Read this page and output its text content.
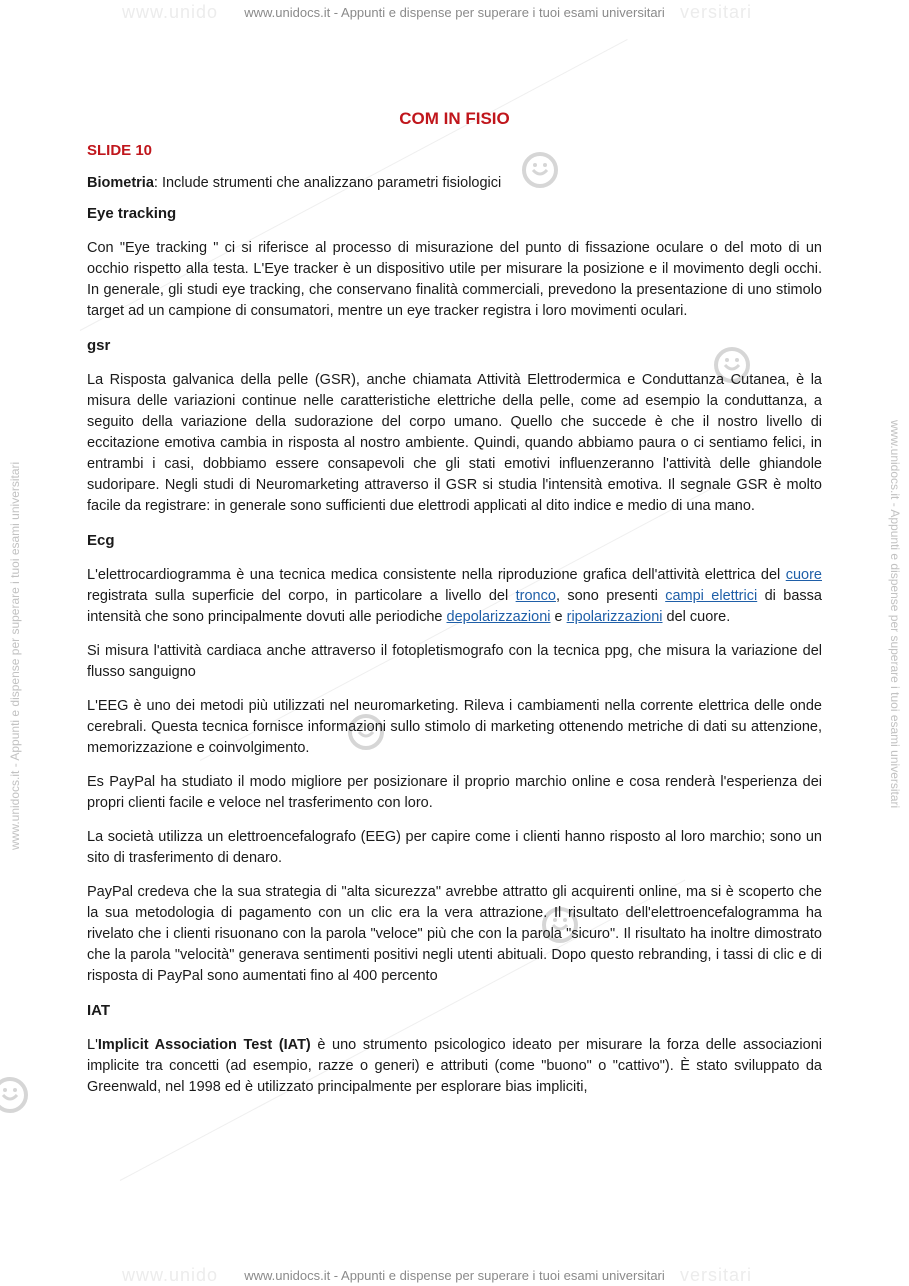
www.unido	versitari
www.unido	versitari
www.unidocs.it - Appunti e dispense per superare i tuoi esami universitari
www.unidocs.it - Appunti e dispense per superare i tuoi esami universitari
www.unidocs.it - Appunti e dispense per superare i tuoi esami universitari	www.unidocs.it - Appunti e dispense per superare i tuoi esami universitari
COM IN FISIO
SLIDE 10
Biometria: Include strumenti che analizzano parametri fisiologici
Eye tracking

Con "Eye tracking " ci si riferisce al processo di misurazione del punto di fissazione oculare o del moto di un occhio rispetto alla testa. L'Eye tracker è un dispositivo utile per misurare la posizione e il movimento degli occhi. In generale, gli studi eye tracking, che conservano finalità commerciali, prevedono la presentazione di uno stimolo target ad un campione di consumatori, mentre un eye tracker registra i loro movimenti oculari.

gsr

La Risposta galvanica della pelle (GSR), anche chiamata Attività Elettrodermica e Conduttanza Cutanea, è la misura delle variazioni continue nelle caratteristiche elettriche della pelle, come ad esempio la conduttanza, a seguito della variazione della sudorazione del corpo umano. Quello che succede è che il nostro livello di eccitazione emotiva cambia in risposta al nostro ambiente. Quindi, quando abbiamo paura o ci sentiamo felici, in entrambi i casi, dobbiamo essere consapevoli che gli stati emotivi influenzeranno l'attività delle ghiandole sudoripare. Negli studi di Neuromarketing attraverso il GSR si studia l'intensità emotiva. Il segnale GSR è molto facile da registrare: in generale sono sufficienti due elettrodi applicati al dito indice e medio di una mano.

Ecg

L'elettrocardiogramma è una tecnica medica consistente nella riproduzione grafica dell'attività elettrica del cuore registrata sulla superficie del corpo, in particolare a livello del tronco, sono presenti campi elettrici di bassa intensità che sono principalmente dovuti alle periodiche depolarizzazioni e ripolarizzazioni del cuore.

Si misura l'attività cardiaca anche attraverso il fotopletismografo con la tecnica ppg, che misura la variazione del flusso sanguigno

L'EEG è uno dei metodi più utilizzati nel neuromarketing. Rileva i cambiamenti nella corrente elettrica delle onde cerebrali. Questa tecnica fornisce informazioni sullo stimolo di marketing ottenendo metriche di dati su attenzione, memorizzazione e coinvolgimento.

Es PayPal ha studiato il modo migliore per posizionare il proprio marchio online e cosa renderà l'esperienza dei propri clienti facile e veloce nel trasferimento con loro.

La società utilizza un elettroencefalografo (EEG) per capire come i clienti hanno risposto al loro marchio; sono un sito di trasferimento di denaro.

PayPal credeva che la sua strategia di "alta sicurezza" avrebbe attratto gli acquirenti online, ma si è scoperto che la sua metodologia di pagamento con un clic era la vera attrazione. Il risultato dell'elettroencefalogramma ha rivelato che i clienti risuonano con la parola "veloce" più che con la parola "sicuro". Il risultato ha inoltre dimostrato che la parola "velocità" generava sentimenti positivi negli utenti abituali. Dopo questo rebranding, i tassi di clic e di risposta di PayPal sono aumentati fino al 400 percento

IAT

L'Implicit Association Test (IAT) è uno strumento psicologico ideato per misurare la forza delle associazioni implicite tra concetti (ad esempio, razze o generi) e attributi (come "buono" o "cattivo"). È stato sviluppato da Greenwald, nel 1998 ed è utilizzato principalmente per esplorare bias impliciti,
